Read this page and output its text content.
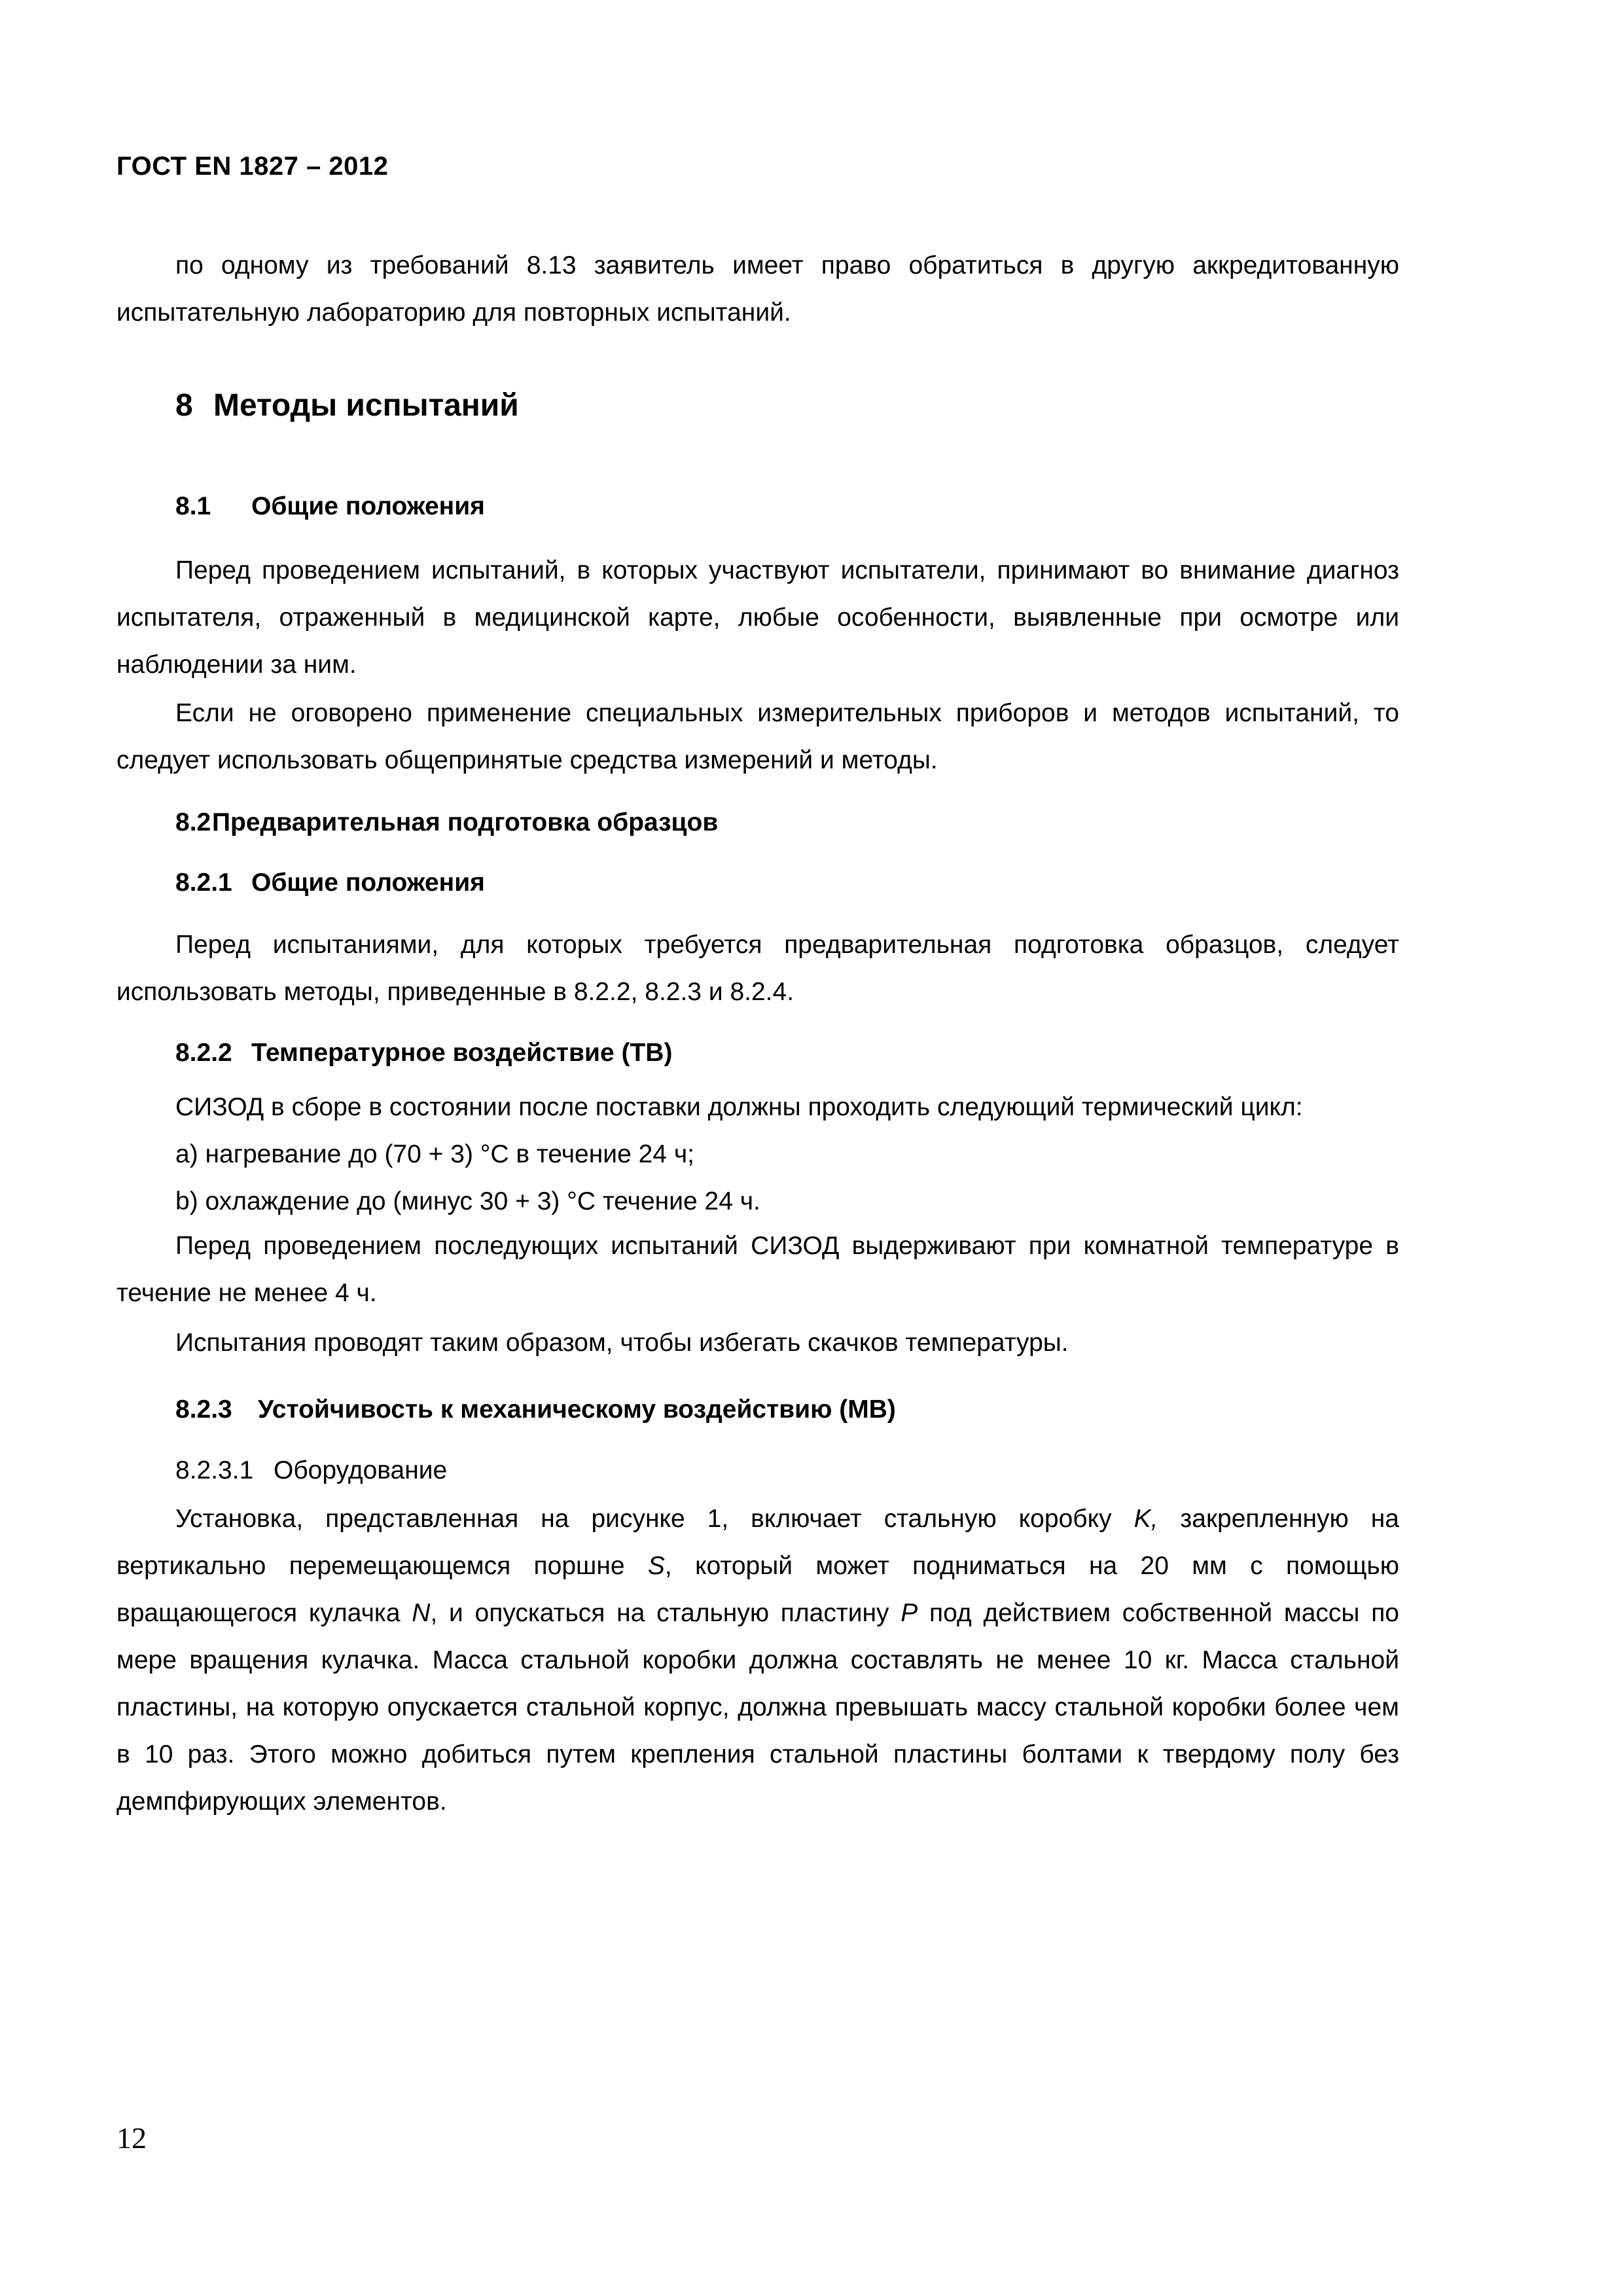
ГОСТ EN 1827 – 2012
по одному из требований 8.13 заявитель имеет право обратиться в другую аккредитованную испытательную лабораторию для повторных испытаний.
8 Методы испытаний
8.1 Общие положения
Перед проведением испытаний, в которых участвуют испытатели, принимают во внимание диагноз испытателя, отраженный в медицинской карте, любые особенности, выявленные при осмотре или наблюдении за ним.
Если не оговорено применение специальных измерительных приборов и методов испытаний, то следует использовать общепринятые средства измерений и методы.
8.2Предварительная подготовка образцов
8.2.1 Общие положения
Перед испытаниями, для которых требуется предварительная подготовка образцов, следует использовать методы, приведенные в 8.2.2, 8.2.3 и 8.2.4.
8.2.2 Температурное воздействие (ТВ)
СИЗОД в сборе в состоянии после поставки должны проходить следующий термический цикл:
a) нагревание до (70 + 3) °С в течение 24 ч;
b) охлаждение до (минус 30 + 3) °С течение 24 ч.
Перед проведением последующих испытаний СИЗОД выдерживают при комнатной температуре в течение не менее 4 ч.
Испытания проводят таким образом, чтобы избегать скачков температуры.
8.2.3 Устойчивость к механическому воздействию (МВ)
8.2.3.1 Оборудование
Установка, представленная на рисунке 1, включает стальную коробку K, закрепленную на вертикально перемещающемся поршне S, который может подниматься на 20 мм с помощью вращающегося кулачка N, и опускаться на стальную пластину P под действием собственной массы по мере вращения кулачка. Масса стальной коробки должна составлять не менее 10 кг. Масса стальной пластины, на которую опускается стальной корпус, должна превышать массу стальной коробки более чем в 10 раз. Этого можно добиться путем крепления стальной пластины болтами к твердому полу без демпфирующих элементов.
12
